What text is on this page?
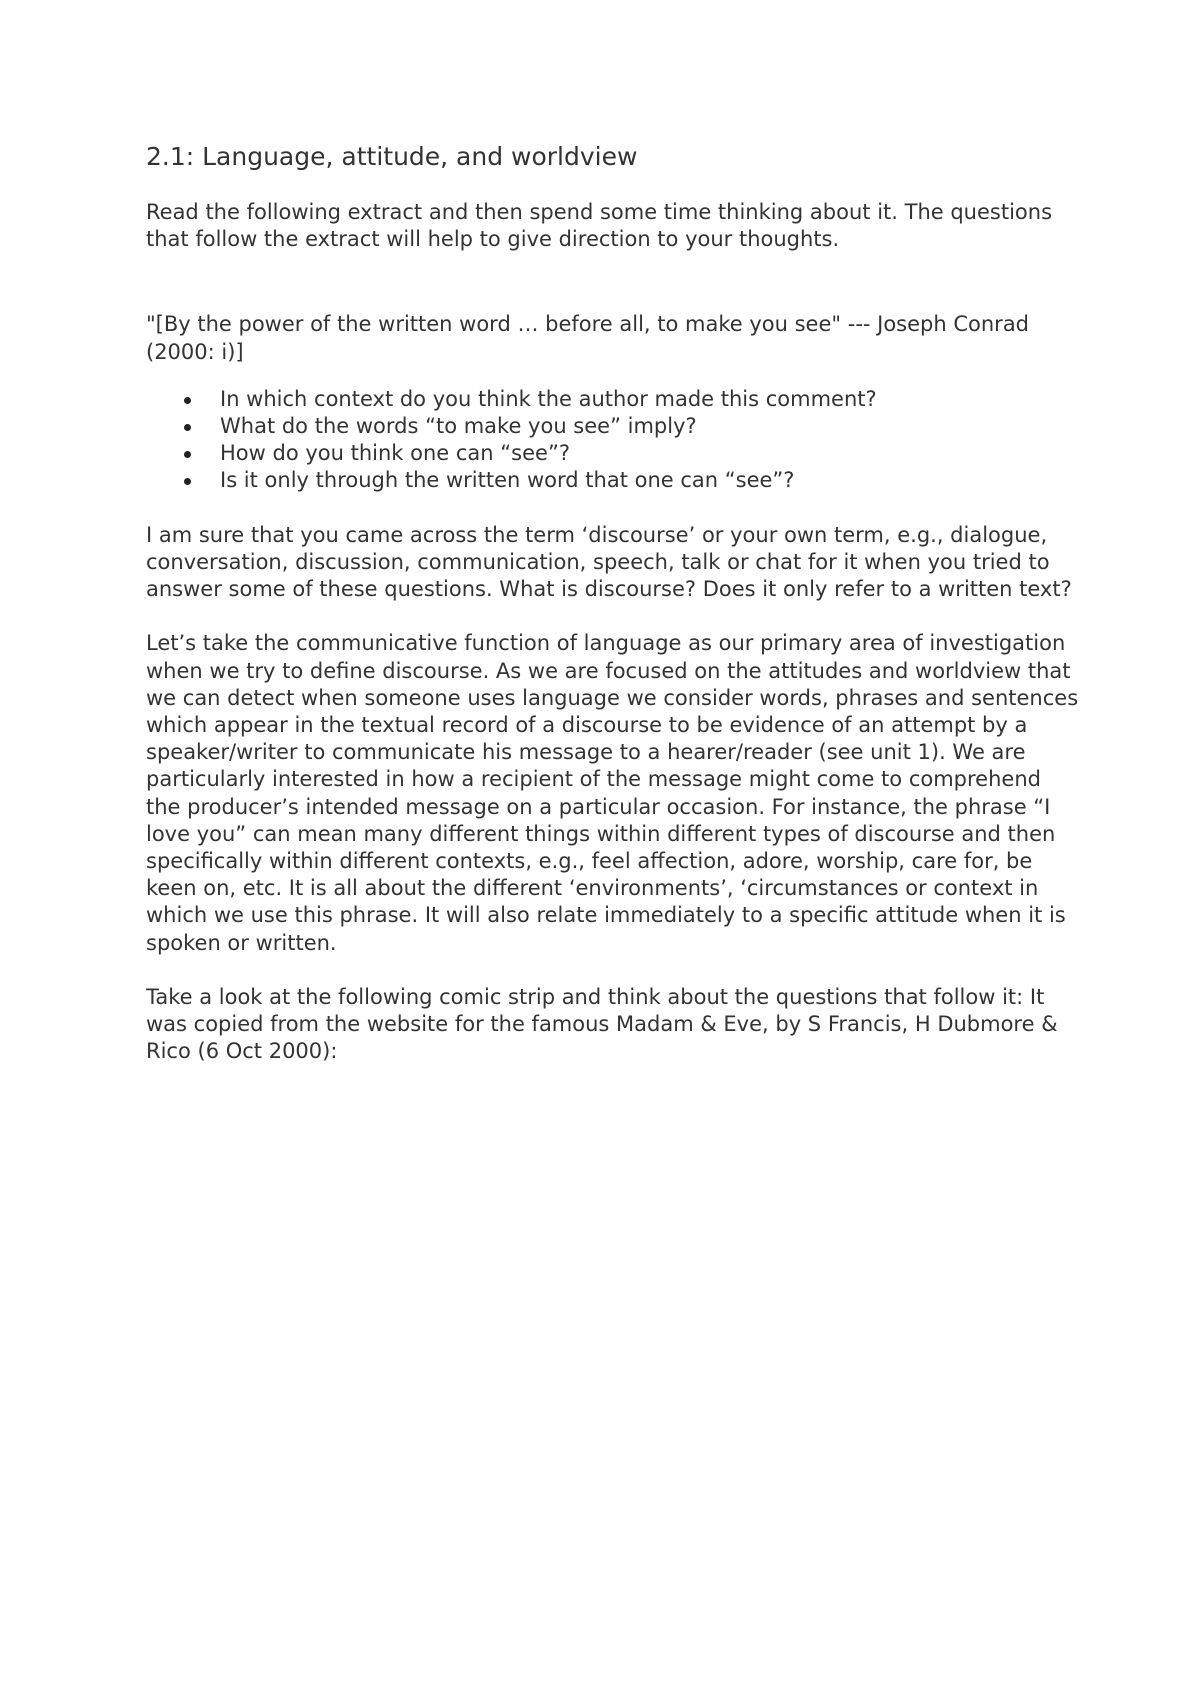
2.1: Language, attitude, and worldview

Read the following extract and then spend some time thinking about it. The questions that follow the extract will help to give direction to your thoughts.

"[By the power of the written word … before all, to make you see" --- Joseph Conrad (2000: i)]

In which context do you think the author made this comment?
What do the words “to make you see” imply?
How do you think one can “see”?
Is it only through the written word that one can “see”?

I am sure that you came across the term ‘discourse’ or your own term, e.g., dialogue, conversation, discussion, communication, speech, talk or chat for it when you tried to answer some of these questions. What is discourse? Does it only refer to a written text?

Let’s take the communicative function of language as our primary area of investigation when we try to define discourse. As we are focused on the attitudes and worldview that we can detect when someone uses language we consider words, phrases and sentences which appear in the textual record of a discourse to be evidence of an attempt by a speaker/writer to communicate his message to a hearer/reader (see unit 1). We are particularly interested in how a recipient of the message might come to comprehend the producer’s intended message on a particular occasion. For instance, the phrase “I love you” can mean many different things within different types of discourse and then specifically within different contexts, e.g., feel affection, adore, worship, care for, be keen on, etc. It is all about the different ‘environments’, ‘circumstances or context in which we use this phrase. It will also relate immediately to a specific attitude when it is spoken or written.

Take a look at the following comic strip and think about the questions that follow it: It was copied from the website for the famous Madam & Eve, by S Francis, H Dubmore & Rico (6 Oct 2000):
